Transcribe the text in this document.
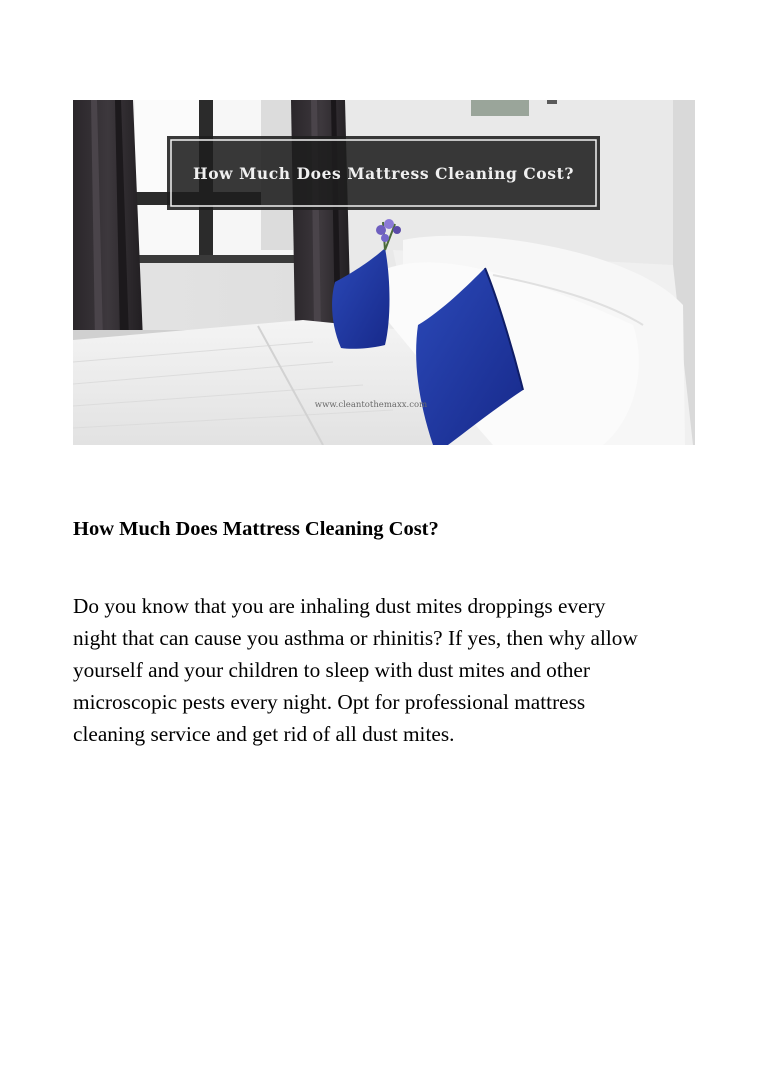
How Much Does Mattress Cleaning Cost?
www.cleantothemaxx.com
How Much Does Mattress Cleaning Cost?

Do you know that you are inhaling dust mites droppings every
night that can cause you asthma or rhinitis? If yes, then why allow
yourself and your children to sleep with dust mites and other
microscopic pests every night. Opt for professional mattress
cleaning service and get rid of all dust mites.
